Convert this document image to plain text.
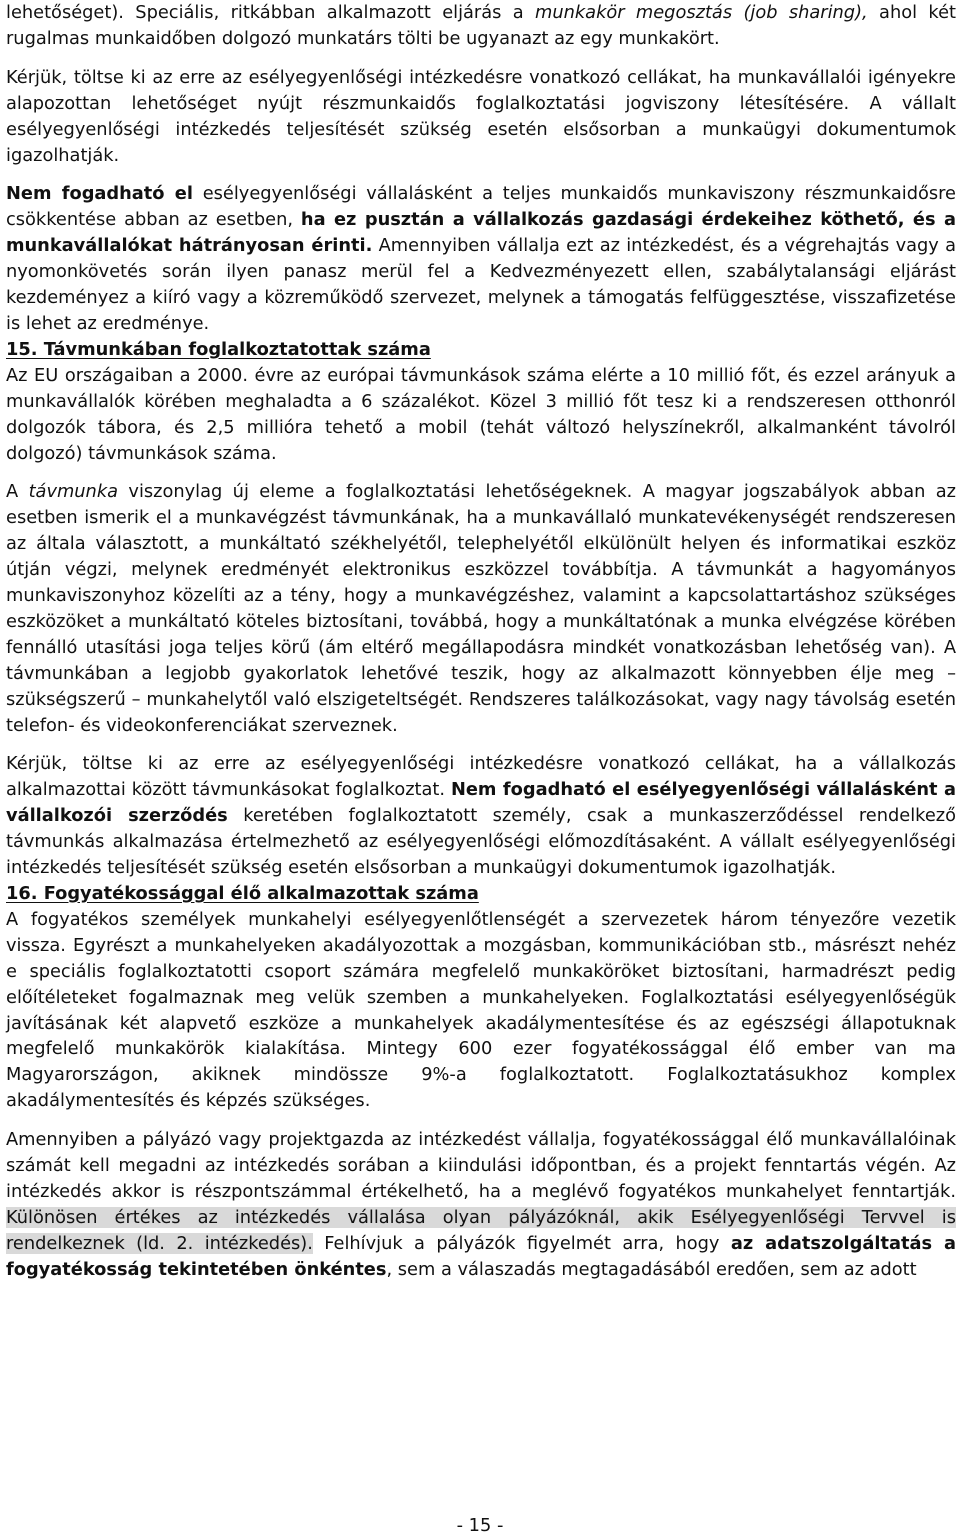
lehetőséget). Speciális, ritkábban alkalmazott eljárás a munkakör megosztás (job sharing), ahol két rugalmas munkaidőben dolgozó munkatárs tölti be ugyanazt az egy munkakört.

Kérjük, töltse ki az erre az esélyegyenlőségi intézkedésre vonatkozó cellákat, ha munkavállalói igényekre alapozottan lehetőséget nyújt részmunkaidős foglalkoztatási jogviszony létesítésére. A vállalt esélyegyenlőségi intézkedés teljesítését szükség esetén elsősorban a munkaügyi dokumentumok igazolhatják.

Nem fogadható el esélyegyenlőségi vállalásként a teljes munkaidős munkaviszony részmunkaidősre csökkentése abban az esetben, ha ez pusztán a vállalkozás gazdasági érdekeihez köthető, és a munkavállalókat hátrányosan érinti. Amennyiben vállalja ezt az intézkedést, és a végrehajtás vagy a nyomonkövetés során ilyen panasz merül fel a Kedvezményezett ellen, szabálytalansági eljárást kezdeményez a kiíró vagy a közreműködő szervezet, melynek a támogatás felfüggesztése, visszafizetése is lehet az eredménye.

15. Távmunkában foglalkoztatottak száma

Az EU országaiban a 2000. évre az európai távmunkások száma elérte a 10 millió főt, és ezzel arányuk a munkavállalók körében meghaladta a 6 százalékot. Közel 3 millió főt tesz ki a rendszeresen otthonról dolgozók tábora, és 2,5 millióra tehető a mobil (tehát változó helyszínekről, alkalmanként távolról dolgozó) távmunkások száma.

A távmunka viszonylag új eleme a foglalkoztatási lehetőségeknek. A magyar jogszabályok abban az esetben ismerik el a munkavégzést távmunkának, ha a munkavállaló munkatevékenységét rendszeresen az általa választott, a munkáltató székhelyétől, telephelyétől elkülönült helyen és informatikai eszköz útján végzi, melynek eredményét elektronikus eszközzel továbbítja. A távmunkát a hagyományos munkaviszonyhoz közelíti az a tény, hogy a munkavégzéshez, valamint a kapcsolattartáshoz szükséges eszközöket a munkáltató köteles biztosítani, továbbá, hogy a munkáltatónak a munka elvégzése körében fennálló utasítási joga teljes körű (ám eltérő megállapodásra mindkét vonatkozásban lehetőség van). A távmunkában a legjobb gyakorlatok lehetővé teszik, hogy az alkalmazott könnyebben élje meg – szükségszerű – munkahelytől való elszigeteltségét. Rendszeres találkozásokat, vagy nagy távolság esetén telefon- és videokonferenciákat szerveznek.

Kérjük, töltse ki az erre az esélyegyenlőségi intézkedésre vonatkozó cellákat, ha a vállalkozás alkalmazottai között távmunkásokat foglalkoztat. Nem fogadható el esélyegyenlőségi vállalásként a vállalkozói szerződés keretében foglalkoztatott személy, csak a munkaszerződéssel rendelkező távmunkás alkalmazása értelmezhető az esélyegyenlőségi előmozdításaként. A vállalt esélyegyenlőségi intézkedés teljesítését szükség esetén elsősorban a munkaügyi dokumentumok igazolhatják.

16. Fogyatékossággal élő alkalmazottak száma

A fogyatékos személyek munkahelyi esélyegyenlőtlenségét a szervezetek három tényezőre vezetik vissza. Egyrészt a munkahelyeken akadályozottak a mozgásban, kommunikációban stb., másrészt nehéz e speciális foglalkoztatotti csoport számára megfelelő munkaköröket biztosítani, harmadrészt pedig előítéleteket fogalmaznak meg velük szemben a munkahelyeken. Foglalkoztatási esélyegyenlőségük javításának két alapvető eszköze a munkahelyek akadálymentesítése és az egészségi állapotuknak megfelelő munkakörök kialakítása. Mintegy 600 ezer fogyatékossággal élő ember van ma Magyarországon, akiknek mindössze 9%-a foglalkoztatott. Foglalkoztatásukhoz komplex akadálymentesítés és képzés szükséges.

Amennyiben a pályázó vagy projektgazda az intézkedést vállalja, fogyatékossággal élő munkavállalóinak számát kell megadni az intézkedés sorában a kiindulási időpontban, és a projekt fenntartás végén. Az intézkedés akkor is részpontszámmal értékelhető, ha a meglévő fogyatékos munkahelyet fenntartják. Különösen értékes az intézkedés vállalása olyan pályázóknál, akik Esélyegyenlőségi Tervvel is rendelkeznek (ld. 2. intézkedés). Felhívjuk a pályázók figyelmét arra, hogy az adatszolgáltatás a fogyatékosság tekintetében önkéntes, sem a válaszadás megtagadásából eredően, sem az adott

- 15 -
